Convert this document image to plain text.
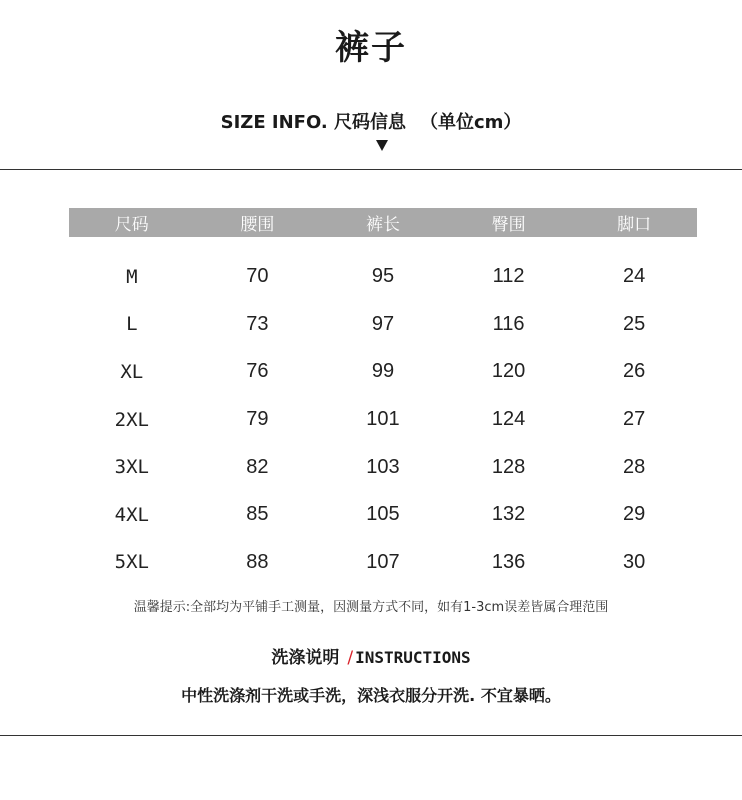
裤子
SIZE INFO. 尺码信息 （单位cm）
尺码	腰围	裤长	臀围	脚口
M	70	95	112	24
L	73	97	116	25
XL	76	99	120	26
2XL	79	101	124	27
3XL	82	103	128	28
4XL	85	105	132	29
5XL	88	107	136	30
温馨提示:全部均为平铺手工测量，因测量方式不同，如有1-3cm误差皆属合理范围
洗涤说明 / INSTRUCTIONS
中性洗涤剂干洗或手洗，深浅衣服分开洗. 不宜暴晒。
